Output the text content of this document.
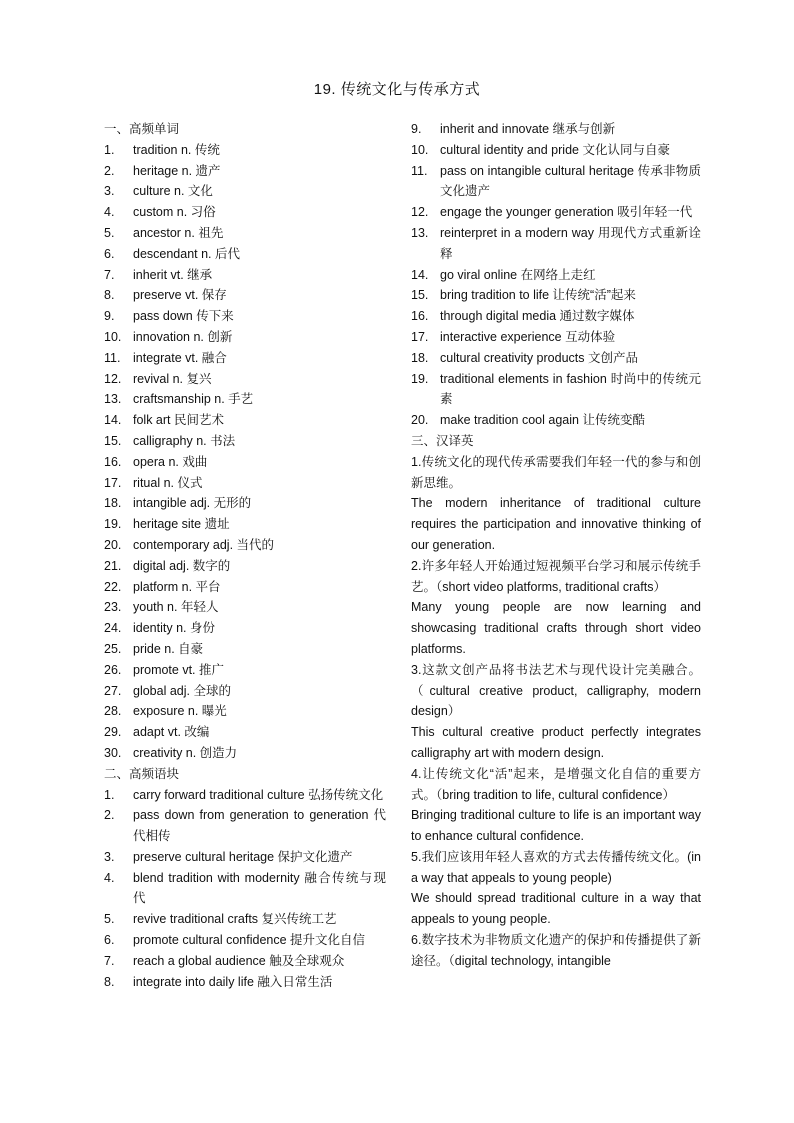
19. 传统文化与传承方式
一、高频单词
1.	tradition n. 传统
2.	heritage n. 遗产
3.	culture n. 文化
4.	custom n. 习俗
5.	ancestor n. 祖先
6.	descendant n. 后代
7.	inherit vt. 继承
8.	preserve vt. 保存
9.	pass down 传下来
10. innovation n. 创新
11.	integrate vt. 融合
12. revival n. 复兴
13. craftsmanship n. 手艺
14. folk art 民间艺术
15. calligraphy n. 书法
16. opera n. 戏曲
17. ritual n. 仪式
18. intangible adj. 无形的
19. heritage site 遗址
20. contemporary adj. 当代的
21. digital adj. 数字的
22. platform n. 平台
23. youth n. 年轻人
24. identity n. 身份
25. pride n. 自豪
26. promote vt. 推广
27. global adj. 全球的
28. exposure n. 曝光
29. adapt vt. 改编
30. creativity n. 创造力
二、高频语块
1.	carry forward traditional culture 弘扬传统文化
2.	pass down from generation to generation 代代相传
3.	preserve cultural heritage 保护文化遗产
4.	blend tradition with modernity 融合传统与现代
5.	revive traditional crafts 复兴传统工艺
6.	promote cultural confidence 提升文化自信
7.	reach a global audience 触及全球观众
8.	integrate into daily life 融入日常生活
9.	inherit and innovate 继承与创新
10. cultural identity and pride 文化认同与自豪
11.	pass on intangible cultural heritage 传承非物质文化遗产
12. engage the younger generation 吸引年轻一代
13. reinterpret in a modern way 用现代方式重新诠释
14. go viral online 在网络上走红
15. bring tradition to life 让传统“活”起来
16. through digital media 通过数字媒体
17. interactive experience 互动体验
18. cultural creativity products 文创产品
19. traditional elements in fashion 时尚中的传统元素
20. make tradition cool again 让传统变酷
三、汉译英
1.传统文化的现代传承需要我们年轻一代的参与和创新思维。
The modern inheritance of traditional culture requires the participation and innovative thinking of our generation.
2.许多年轻人开始通过短视频平台学习和展示传统手艺。（short video platforms, traditional crafts）
Many young people are now learning and showcasing traditional crafts through short video platforms.
3.这款文创产品将书法艺术与现代设计完美融合。（cultural creative product, calligraphy, modern design）
This cultural creative product perfectly integrates calligraphy art with modern design.
4.让传统文化“活”起来，是增强文化自信的重要方式。（bring tradition to life, cultural confidence）
Bringing traditional culture to life is an important way to enhance cultural confidence.
5.我们应该用年轻人喜欢的方式去传播传统文化。(in a way that appeals to young people)
We should spread traditional culture in a way that appeals to young people.
6.数字技术为非物质文化遗产的保护和传播提供了新途径。（digital technology, intangible
